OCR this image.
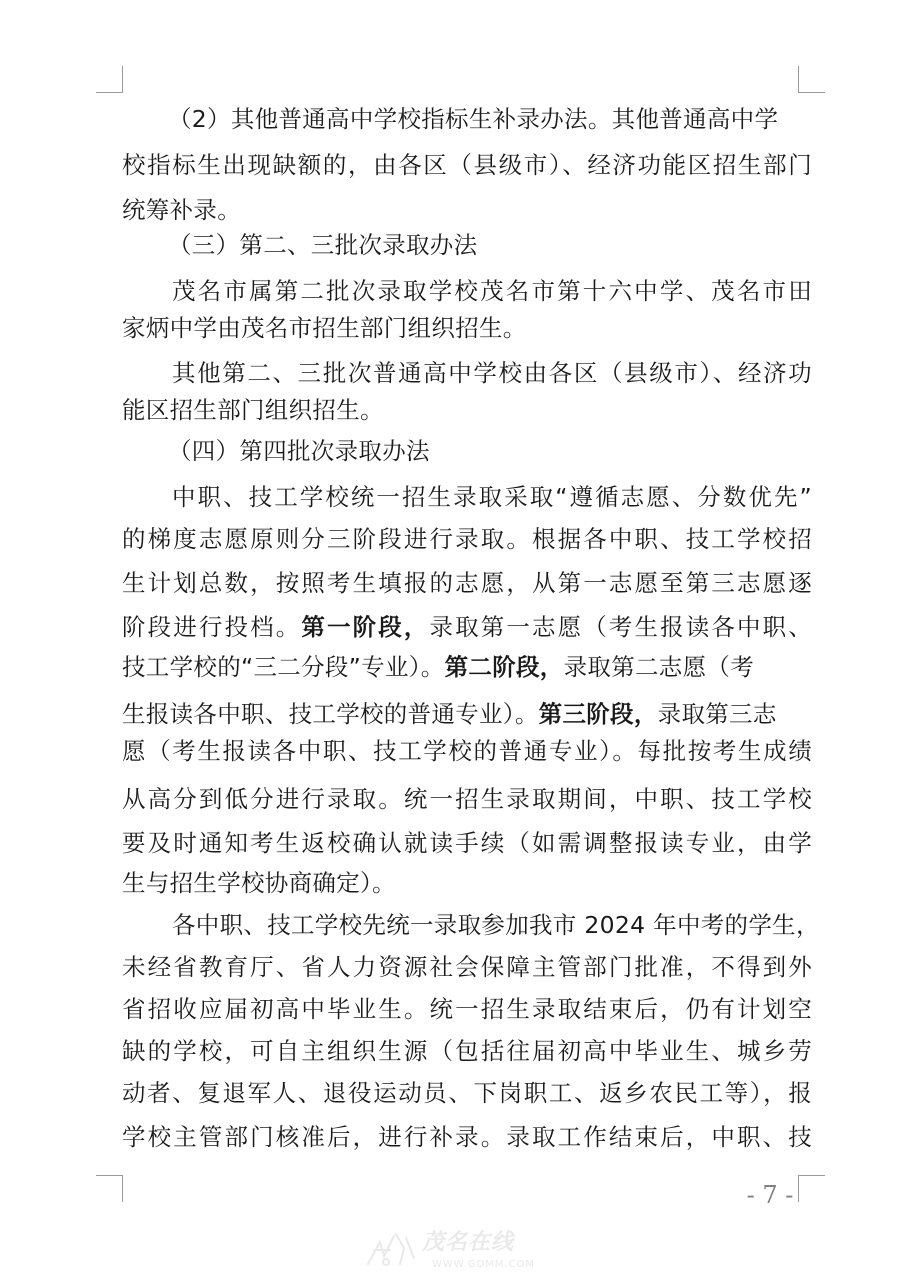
（2）其他普通高中学校指标生补录办法。其他普通高中学
校指标生出现缺额的，由各区（县级市）、经济功能区招生部门
统筹补录。
（三）第二、三批次录取办法
茂名市属第二批次录取学校茂名市第十六中学、茂名市田
家炳中学由茂名市招生部门组织招生。
其他第二、三批次普通高中学校由各区（县级市）、经济功
能区招生部门组织招生。
（四）第四批次录取办法
中职、技工学校统一招生录取采取“遵循志愿、分数优先”
的梯度志愿原则分三阶段进行录取。根据各中职、技工学校招
生计划总数，按照考生填报的志愿，从第一志愿至第三志愿逐
阶段进行投档。第一阶段，录取第一志愿（考生报读各中职、
技工学校的“三二分段”专业）。第二阶段，录取第二志愿（考
生报读各中职、技工学校的普通专业）。第三阶段，录取第三志
愿（考生报读各中职、技工学校的普通专业）。每批按考生成绩
从高分到低分进行录取。统一招生录取期间，中职、技工学校
要及时通知考生返校确认就读手续（如需调整报读专业，由学
生与招生学校协商确定）。
各中职、技工学校先统一录取参加我市 2024 年中考的学生，
未经省教育厅、省人力资源社会保障主管部门批准，不得到外
省招收应届初高中毕业生。统一招生录取结束后，仍有计划空
缺的学校，可自主组织生源（包括往届初高中毕业生、城乡劳
动者、复退军人、退役运动员、下岗职工、返乡农民工等），报
学校主管部门核准后，进行补录。录取工作结束后，中职、技
- 7 -
茂名在线
WWW.GDMM.COM
